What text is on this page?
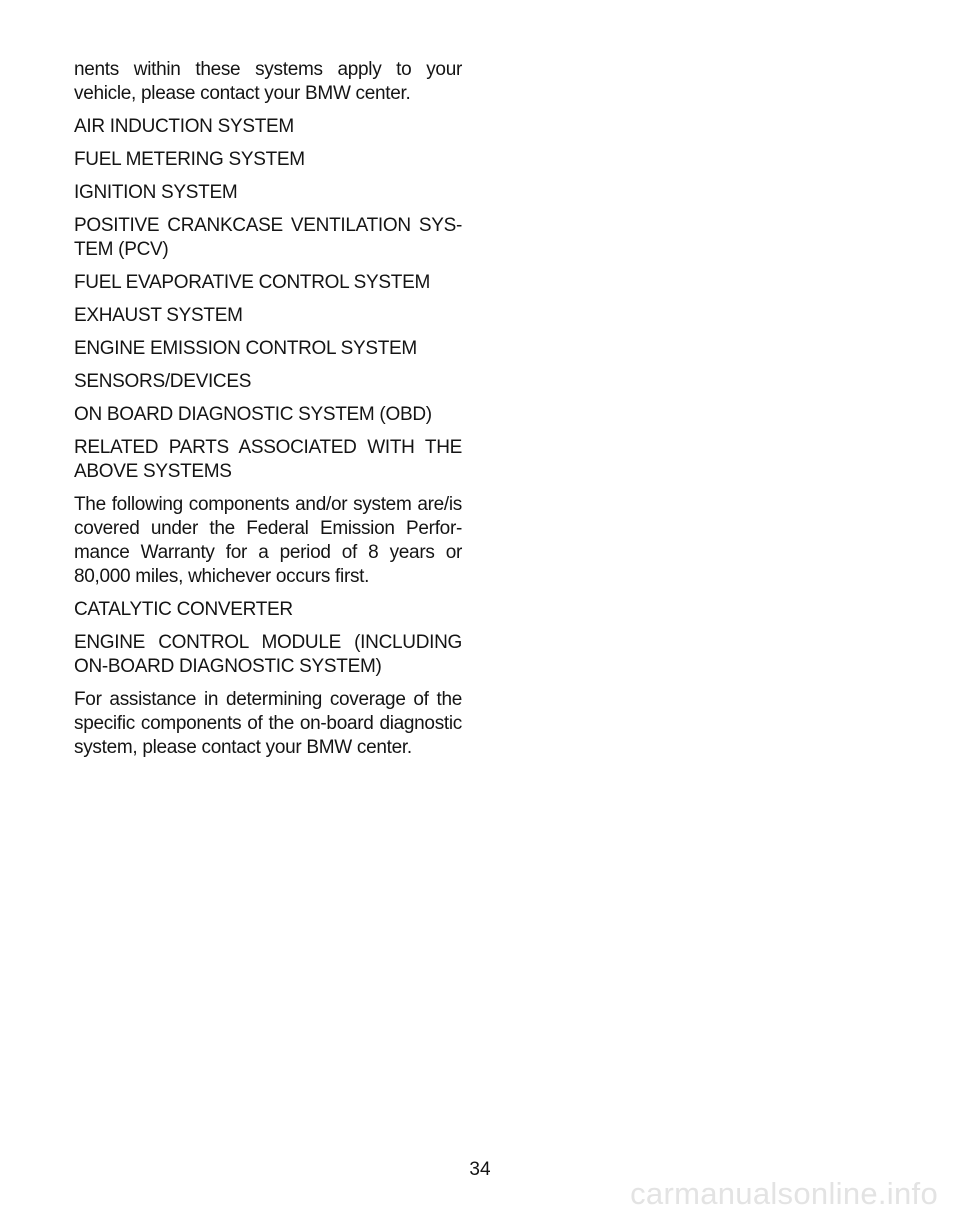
nents within these systems apply to your vehicle, please contact your BMW center.

AIR INDUCTION SYSTEM

FUEL METERING SYSTEM

IGNITION SYSTEM

POSITIVE CRANKCASE VENTILATION SYS-TEM (PCV)

FUEL EVAPORATIVE CONTROL SYSTEM

EXHAUST SYSTEM

ENGINE EMISSION CONTROL SYSTEM

SENSORS/DEVICES

ON BOARD DIAGNOSTIC SYSTEM (OBD)

RELATED PARTS ASSOCIATED WITH THE ABOVE SYSTEMS

The following components and/or system are/is covered under the Federal Emission Perfor-mance Warranty for a period of 8 years or 80,000 miles, whichever occurs first.

CATALYTIC CONVERTER

ENGINE CONTROL MODULE (INCLUDING ON-BOARD DIAGNOSTIC SYSTEM)

For assistance in determining coverage of the specific components of the on-board diagnostic system, please contact your BMW center.

34
carmanualsonline.info
